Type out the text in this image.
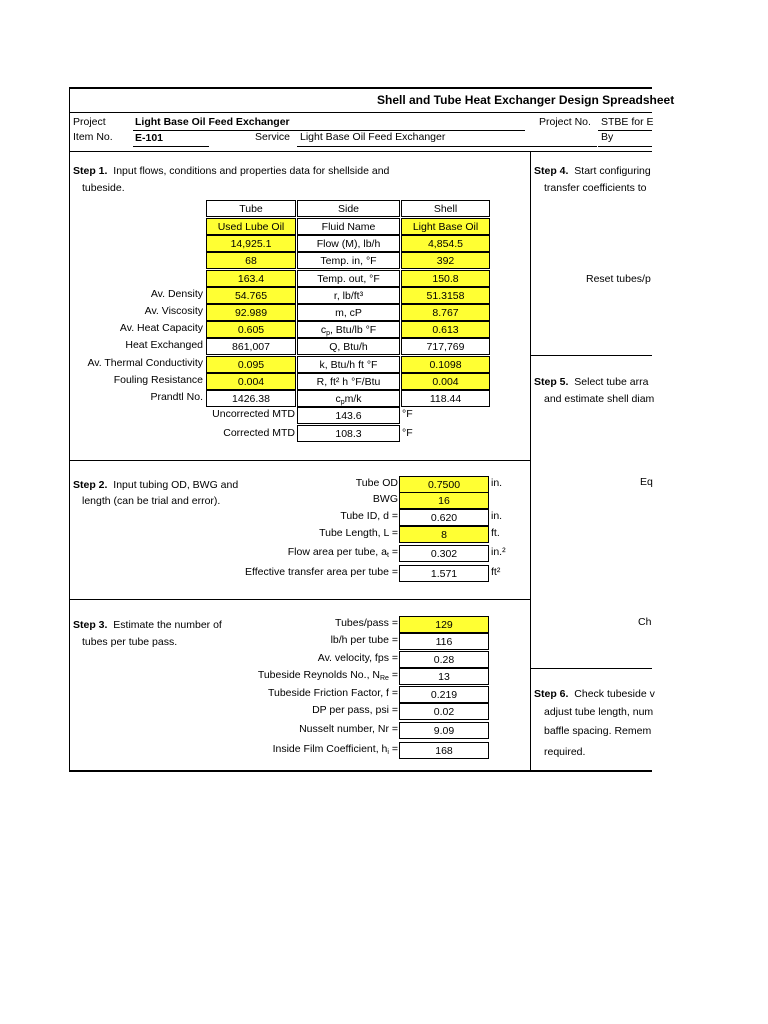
Shell and Tube Heat Exchanger Design Spreadsheet
Project	Light Base Oil Feed Exchanger
Item No. E-101	Service Light Base Oil Feed Exchanger
Project No. STBE for E
By
Step 1. Input flows, conditions and properties data for shellside and
tubeside.
Tube	Side	Shell
Used Lube Oil	Fluid Name	Light Base Oil
14,925.1	Flow (M), lb/h	4,854.5
68	Temp. in, °F	392
163.4	Temp. out, °F	150.8
Av. Density	54.765	r, lb/ft³	51.3158
Av. Viscosity	92.989	m, cP	8.767
Av. Heat Capacity	0.605	$c_p$, Btu/lb °F	0.613
Heat Exchanged	861,007	Q, Btu/h	717,769
Av. Thermal Conductivity	0.095	k, Btu/h ft °F	0.1098
Fouling Resistance	0.004	R, ft² h °F/Btu	0.004
Prandtl No.	1426.38	$c_pm/k$	118.44
Uncorrected MTD	143.6	°F
Corrected MTD	108.3	°F
Step 2. Input tubing OD, BWG and
length (can be trial and error).
Tube OD	0.7500	in.
BWG	16
Tube ID, d =	0.620	in.
Tube Length, L =	8	ft.
Flow area per tube, $a_t$ =	0.302	in.²
Effective transfer area per tube =	1.571	ft²
Step 3. Estimate the number of
tubes per tube pass.
Tubes/pass =	129
lb/h per tube =	116
Av. velocity, fps =	0.28
Tubeside Reynolds No., $N_{Re}$ =	13
Tubeside Friction Factor, f =	0.219
DP per pass, psi =	0.02
Nusselt number, Nr =	9.09
Inside Film Coefficient, $h_i$ =	168
Step 4. Start configuring
transfer coefficients to
Reset tubes/p
Step 5. Select tube arra
and estimate shell diam
Eq
Ch
Step 6. Check tubeside v
adjust tube length, num
baffle spacing. Remem
required.
